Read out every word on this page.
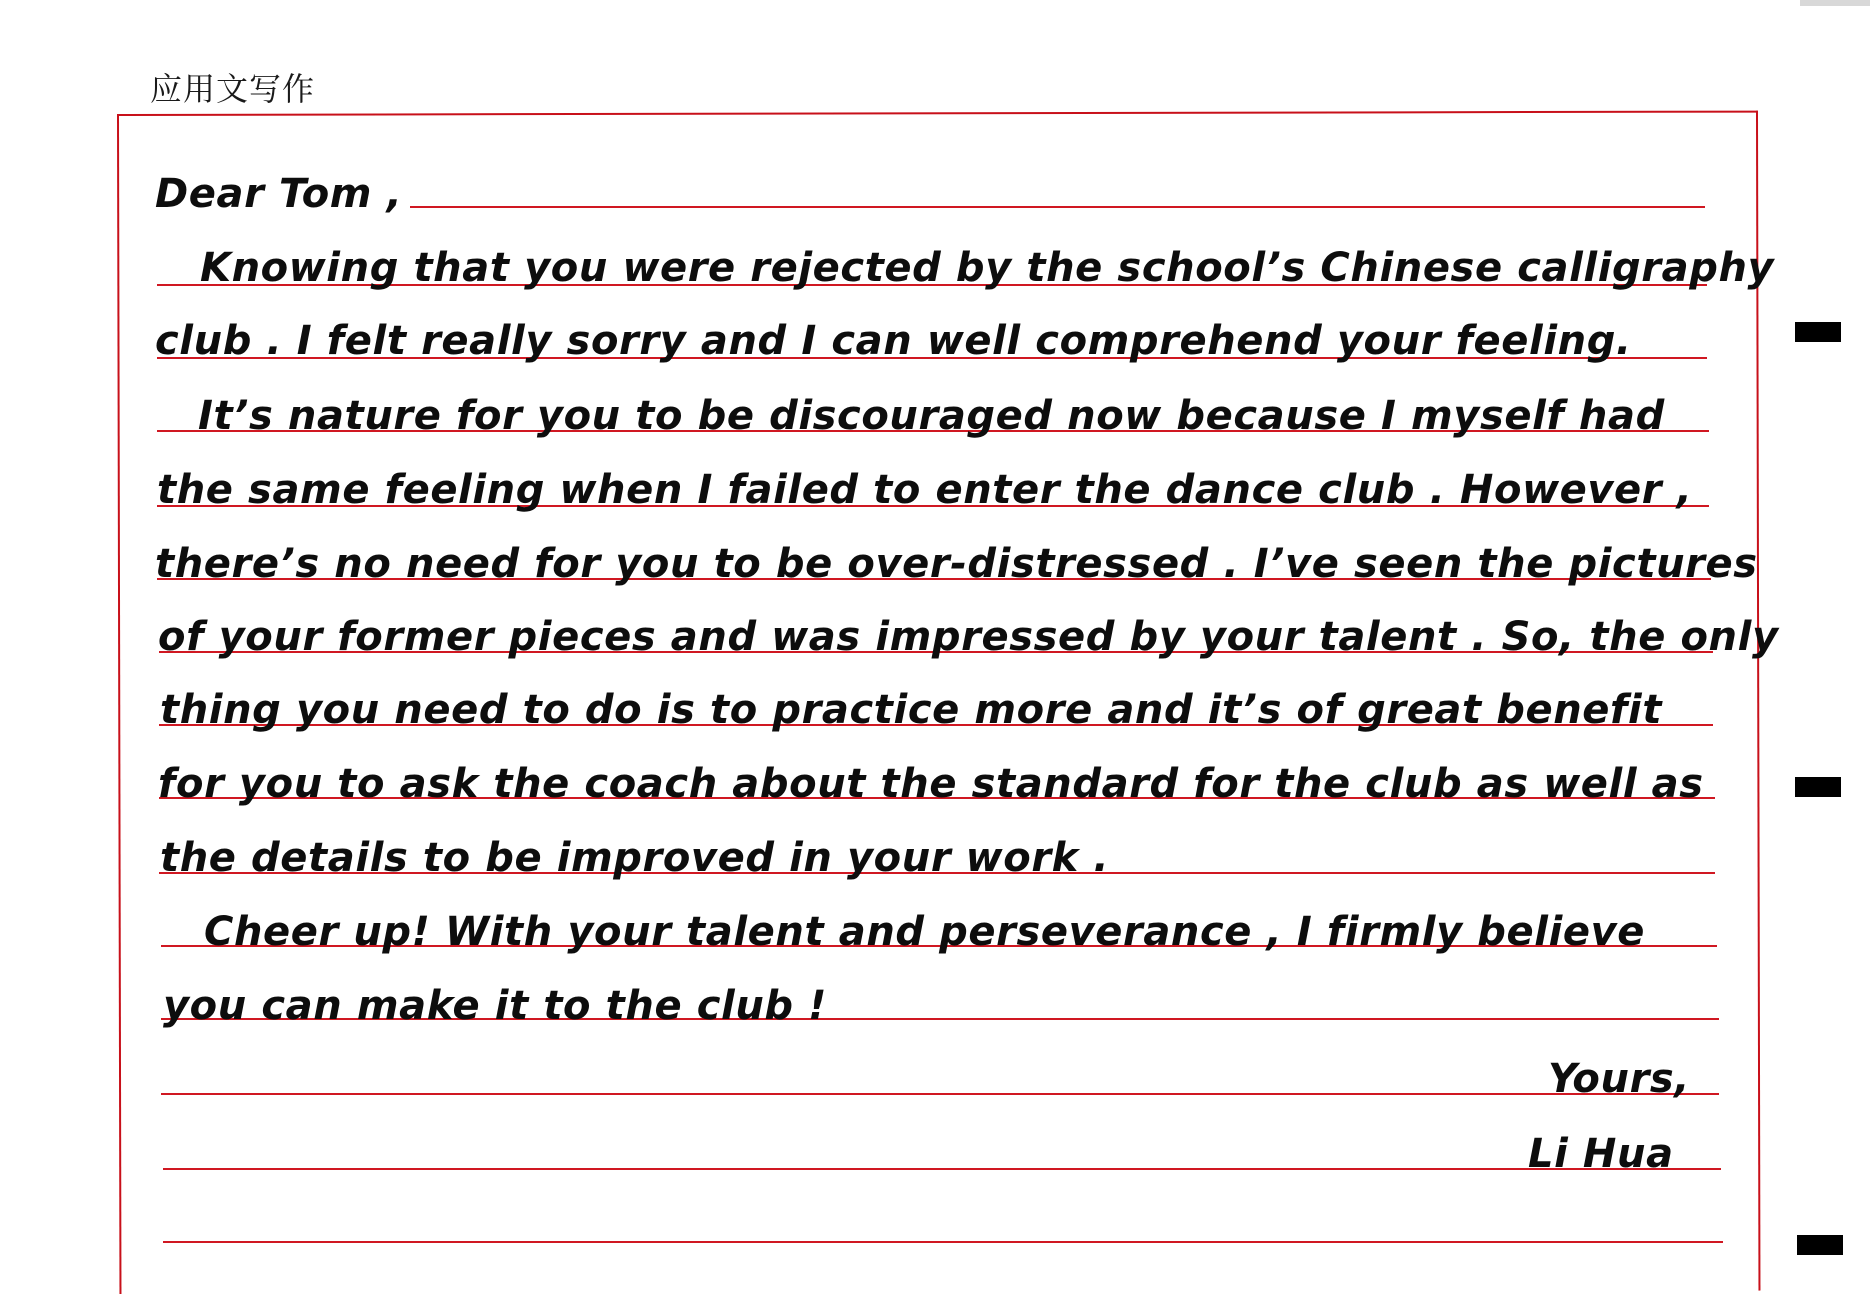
应用文写作
Dear Tom ,
Knowing that you were rejected by the school’s Chinese calligraphy
club . I felt really sorry and I can well comprehend your feeling.
It’s nature for you to be discouraged now because I myself had
the same feeling when I failed to enter the dance club . However ,
there’s no need for you to be over-distressed . I’ve seen the pictures
of your former pieces and was impressed by your talent . So, the only
thing you need to do is to practice more and it’s of great benefit
for you to ask the coach about the standard for the club as well as
the details to be improved in your work .
Cheer up! With your talent and perseverance , I firmly believe
you can make it to the club !
Yours,
Li Hua
